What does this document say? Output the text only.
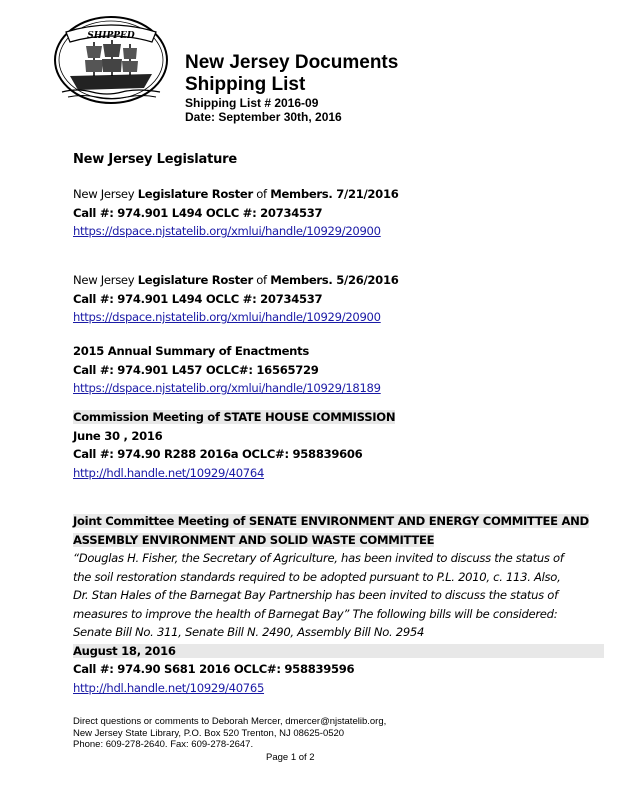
SHIPPED
New Jersey Documents
Shipping List
Shipping List # 2016-09
Date: September 30th, 2016
New Jersey Legislature
New Jersey Legislature Roster of Members. 7/21/2016
Call #: 974.901 L494 OCLC #: 20734537
https://dspace.njstatelib.org/xmlui/handle/10929/20900
New Jersey Legislature Roster of Members. 5/26/2016
Call #: 974.901 L494 OCLC #: 20734537
https://dspace.njstatelib.org/xmlui/handle/10929/20900
2015 Annual Summary of Enactments
Call #: 974.901 L457 OCLC#: 16565729
https://dspace.njstatelib.org/xmlui/handle/10929/18189
Commission Meeting of STATE HOUSE COMMISSION
June 30 , 2016
Call #: 974.90 R288 2016a OCLC#: 958839606
http://hdl.handle.net/10929/40764
Joint Committee Meeting of SENATE ENVIRONMENT AND ENERGY COMMITTEE AND
ASSEMBLY ENVIRONMENT AND SOLID WASTE COMMITTEE
“Douglas H. Fisher, the Secretary of Agriculture, has been invited to discuss the status of
the soil restoration standards required to be adopted pursuant to P.L. 2010, c. 113. Also,
Dr. Stan Hales of the Barnegat Bay Partnership has been invited to discuss the status of
measures to improve the health of Barnegat Bay” The following bills will be considered:
Senate Bill No. 311, Senate Bill N. 2490, Assembly Bill No. 2954
August 18, 2016
Call #: 974.90 S681 2016 OCLC#: 958839596
http://hdl.handle.net/10929/40765
Direct questions or comments to Deborah Mercer, dmercer@njstatelib.org,
New Jersey State Library, P.O. Box 520 Trenton, NJ 08625-0520
Phone: 609-278-2640. Fax: 609-278-2647.
Page 1 of 2
